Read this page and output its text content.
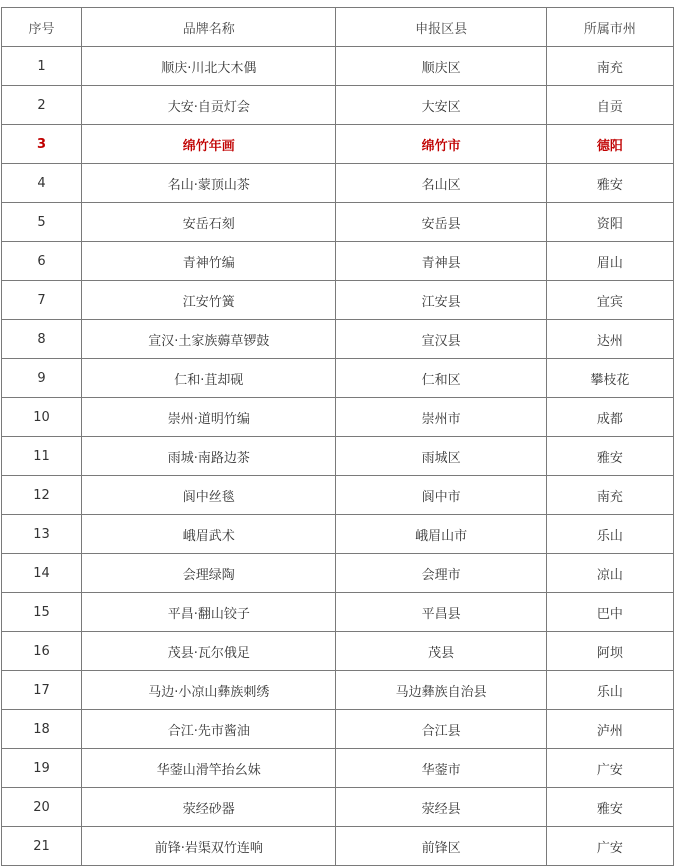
序号	品牌名称	申报区县	所属市州
1	顺庆·川北大木偶	顺庆区	南充
2	大安·自贡灯会	大安区	自贡
3	绵竹年画	绵竹市	德阳
4	名山·蒙顶山茶	名山区	雅安
5	安岳石刻	安岳县	资阳
6	青神竹编	青神县	眉山
7	江安竹簧	江安县	宜宾
8	宣汉·土家族薅草锣鼓	宣汉县	达州
9	仁和·苴却砚	仁和区	攀枝花
10	崇州·道明竹编	崇州市	成都
11	雨城·南路边茶	雨城区	雅安
12	阆中丝毯	阆中市	南充
13	峨眉武术	峨眉山市	乐山
14	会理绿陶	会理市	凉山
15	平昌·翻山铰子	平昌县	巴中
16	茂县·瓦尔俄足	茂县	阿坝
17	马边·小凉山彝族刺绣	马边彝族自治县	乐山
18	合江·先市酱油	合江县	泸州
19	华蓥山滑竿抬幺妹	华蓥市	广安
20	荥经砂器	荥经县	雅安
21	前锋·岩渠双竹连响	前锋区	广安
